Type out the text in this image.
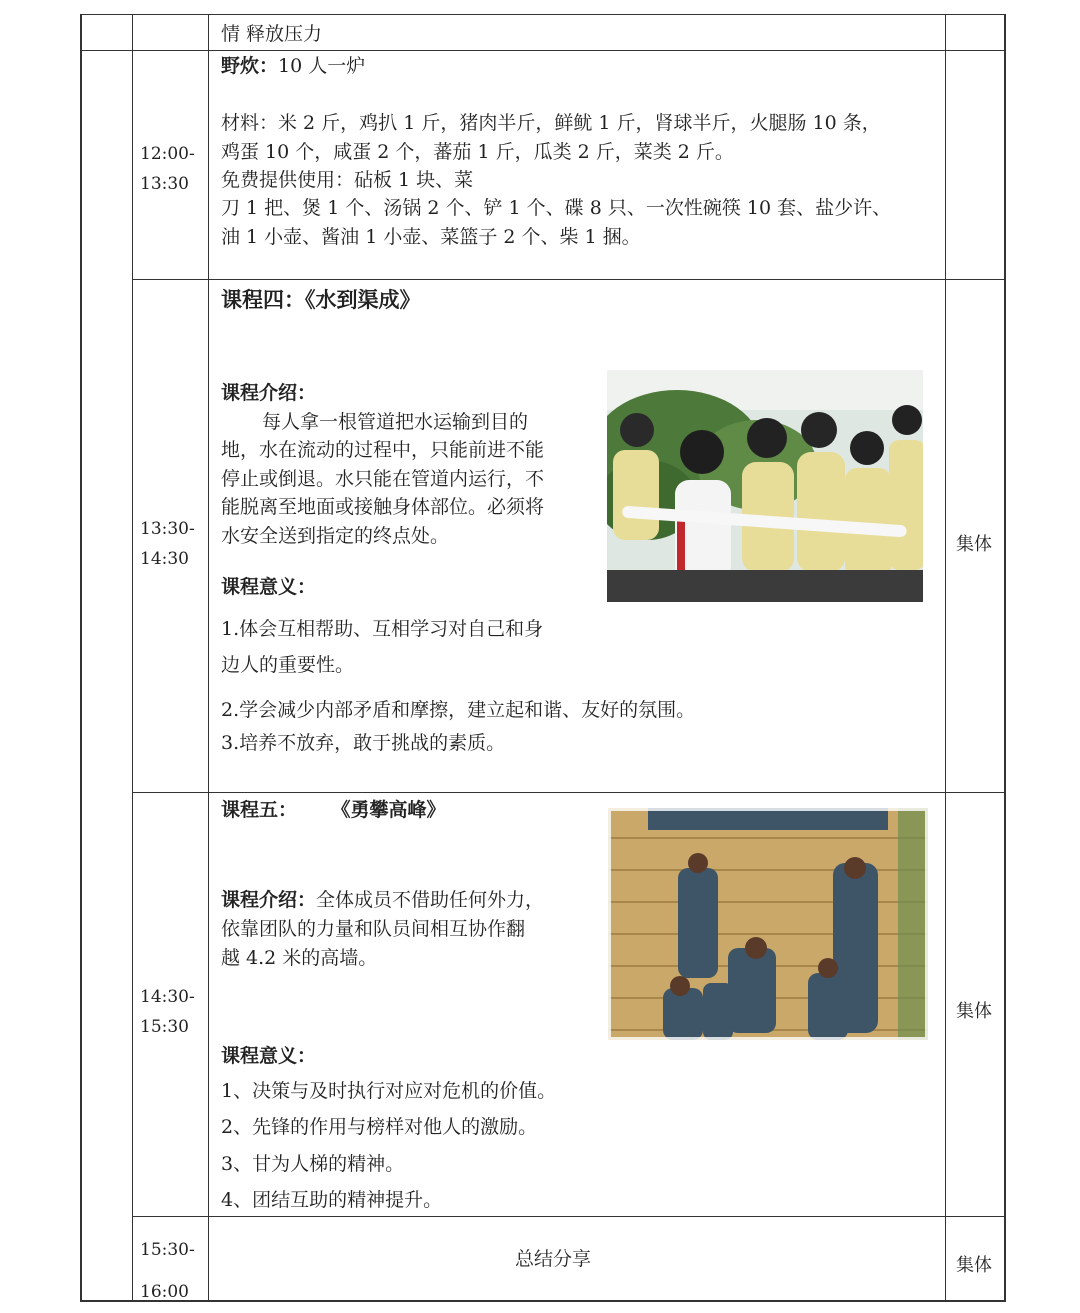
情 释放压力
12:00-
13:30
野炊：10 人一炉
材料：米 2 斤，鸡扒 1 斤，猪肉半斤，鲜鱿 1 斤，肾球半斤，火腿肠 10 条，
鸡蛋 10 个，咸蛋 2 个，蕃茄 1 斤，瓜类 2 斤，菜类 2 斤。
免费提供使用：砧板 1 块、菜
刀 1 把、煲 1 个、汤锅 2 个、铲 1 个、碟 8 只、一次性碗筷 10 套、盐少许、
油 1 小壶、酱油 1 小壶、菜篮子 2 个、柴 1 捆。
13:30-
14:30
课程四：《水到渠成》
课程介绍：
每人拿一根管道把水运输到目的
地，水在流动的过程中，只能前进不能
停止或倒退。水只能在管道内运行，不
能脱离至地面或接触身体部位。必须将
水安全送到指定的终点处。
课程意义：
1.体会互相帮助、互相学习对自己和身
边人的重要性。
2.学会减少内部矛盾和摩擦，建立起和谐、友好的氛围。
3.培养不放弃，敢于挑战的素质。
集体
14:30-
15:30
课程五： 《勇攀高峰》
课程介绍：全体成员不借助任何外力，
依靠团队的力量和队员间相互协作翻
越 4.2 米的高墙。
课程意义：
1、决策与及时执行对应对危机的价值。
2、先锋的作用与榜样对他人的激励。
3、甘为人梯的精神。
4、团结互助的精神提升。
集体
15:30-
16:00
总结分享	集体
